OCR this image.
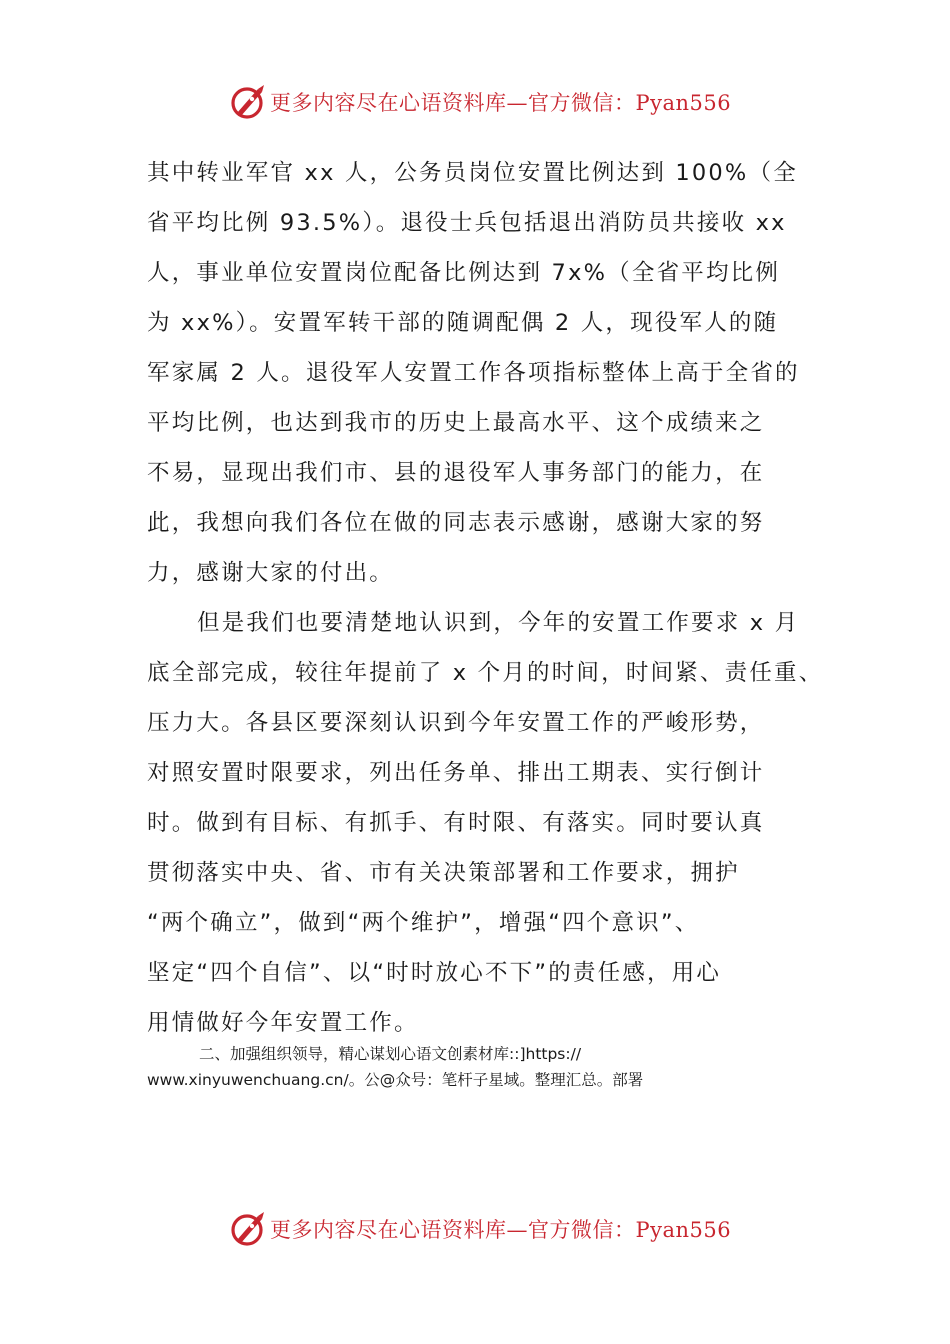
更多内容尽在心语资料库—官方微信：Pyan556
其中转业军官 xx 人，公务员岗位安置比例达到 100%（全
省平均比例 93.5%）。退役士兵包括退出消防员共接收 xx
人，事业单位安置岗位配备比例达到 7x%（全省平均比例
为 xx%）。安置军转干部的随调配偶 2 人，现役军人的随
军家属 2 人。退役军人安置工作各项指标整体上高于全省的
平均比例，也达到我市的历史上最高水平、这个成绩来之
不易，显现出我们市、县的退役军人事务部门的能力，在
此，我想向我们各位在做的同志表示感谢，感谢大家的努
力，感谢大家的付出。
但是我们也要清楚地认识到，今年的安置工作要求 x 月
底全部完成，较往年提前了 x 个月的时间，时间紧、责任重、
压力大。各县区要深刻认识到今年安置工作的严峻形势，
对照安置时限要求，列出任务单、排出工期表、实行倒计
时。做到有目标、有抓手、有时限、有落实。同时要认真
贯彻落实中央、省、市有关决策部署和工作要求，拥护
“两个确立”，做到“两个维护”，增强“四个意识”、
坚定“四个自信”、以“时时放心不下”的责任感，用心
用情做好今年安置工作。
二、加强组织领导，精心谋划心语文创素材库::]https://
www.xinyuwenchuang.cn/。公@众号：笔杆子星域。整理汇总。部署
更多内容尽在心语资料库—官方微信：Pyan556
